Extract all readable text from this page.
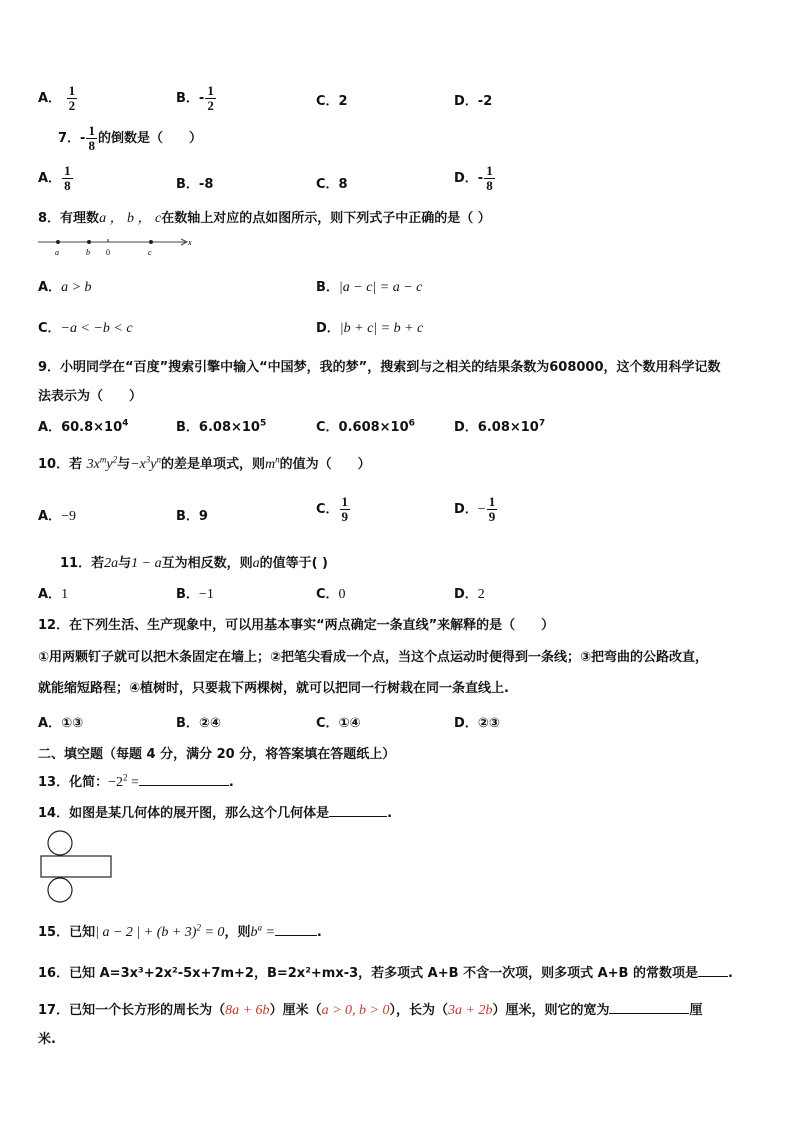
A． $\frac{1}{2}$	B．- $\frac{1}{2}$	C．2	D．-2
7．- $\frac{1}{8}$ 的倒数是（　　）
A． $\frac{1}{8}$	B．-8	C．8	D．- $\frac{1}{8}$
8．有理数a ， b ， c在数轴上对应的点如图所示，则下列式子中正确的是（ ）
a	b 0	c
x
A．a > b	B．|a − c| = a − c
C．−a < −b < c	D．|b + c| = b + c
9．小明同学在“百度”搜索引擎中输入“中国梦，我的梦”，搜索到与之相关的结果条数为608000，这个数用科学记数
法表示为（　　）
A．$60.8\times 10^4$	B．$6.08\times 10^5$	C．$0.608\times 10^6$	D．$6.08\times 10^7$
10．若 $3x^my^2$与$-x^3y^n$的差是单项式，则$m^n$的值为（　　）
A．−9	B．9	C． $\frac{1}{9}$	D．− $\frac{1}{9}$
11．若2a与1 − a互为相反数，则a的值等于( )
A．1	B．−1	C．0	D．2
12．在下列生活、生产现象中，可以用基本事实“两点确定一条直线”来解释的是（　　）
①用两颗钉子就可以把木条固定在墙上；②把笔尖看成一个点，当这个点运动时便得到一条线；③把弯曲的公路改直，
就能缩短路程；④植树时，只要栽下两棵树，就可以把同一行树栽在同一条直线上.
A．①③	B．②④	C．①④	D．②③
二、填空题（每题 4 分，满分 20 分，将答案填在答题纸上）
13．化简：$-2^2$ =	.
14．如图是某几何体的展开图，那么这个几何体是	.
15．已知| a − 2 | + $(b + 3)^2 = 0$，则$b^a$ =	.
16．已知 A=3x³+2x²-5x+7m+2，B=2x²+mx-3，若多项式 A+B 不含一次项，则多项式 A+B 的常数项是 .
17．已知一个长方形的周长为（8a + 6b）厘米（a > 0, b > 0），长为（3a + 2b）厘米，则它的宽为	厘
米.
